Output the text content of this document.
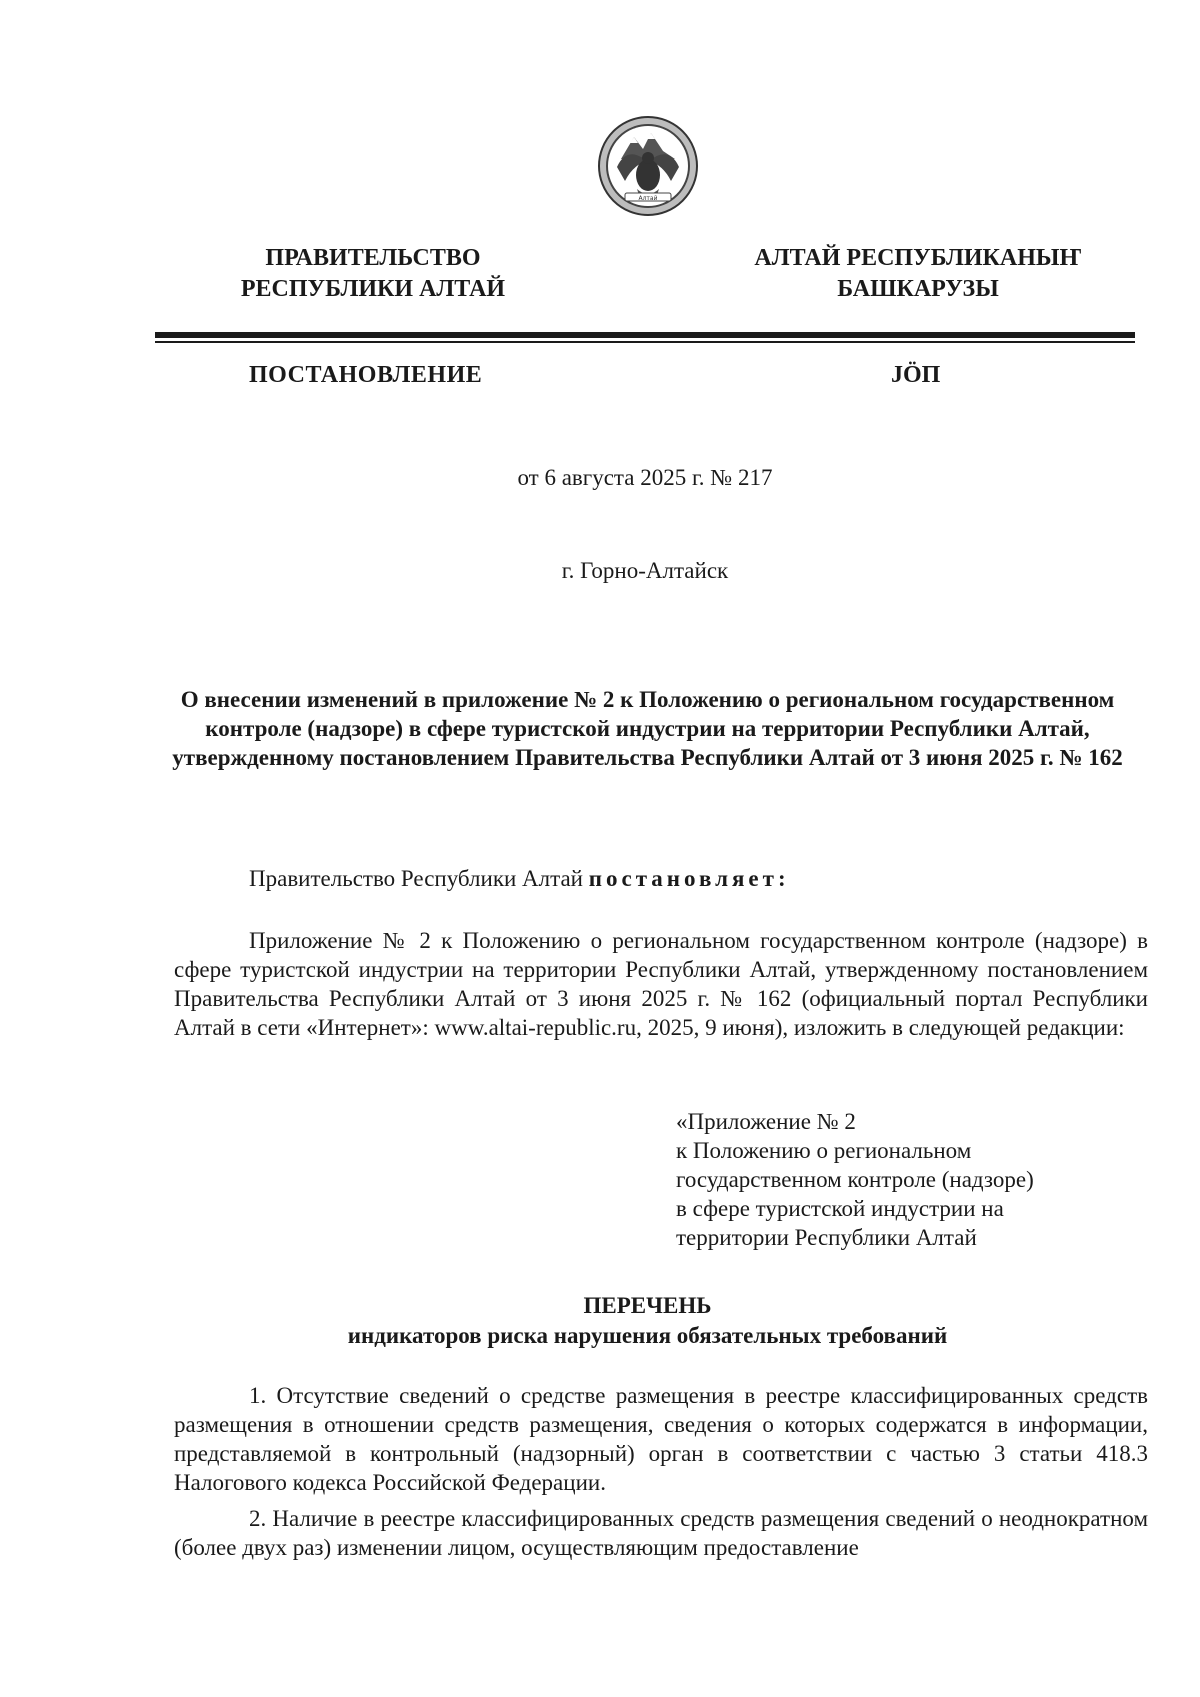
Алтай
ПРАВИТЕЛЬСТВО
РЕСПУБЛИКИ АЛТАЙ
АЛТАЙ РЕСПУБЛИКАНЫҤ
БАШКАРУЗЫ
ПОСТАНОВЛЕНИЕ	JӦП
от 6 августа 2025 г. № 217
г. Горно-Алтайск
О внесении изменений в приложение № 2 к Положению о региональном государственном контроле (надзоре) в сфере туристской индустрии на территории Республики Алтай, утвержденному постановлением Правительства Республики Алтай от 3 июня 2025 г. № 162
Правительство Республики Алтай постановляет:

Приложение № 2 к Положению о региональном государственном контроле (надзоре) в сфере туристской индустрии на территории Республики Алтай, утвержденному постановлением Правительства Республики Алтай от 3 июня 2025 г. № 162 (официальный портал Республики Алтай в сети «Интернет»: www.altai-republic.ru, 2025, 9 июня), изложить в следующей редакции:

«Приложение № 2
к Положению о региональном
государственном контроле (надзоре)
в сфере туристской индустрии на
территории Республики Алтай
ПЕРЕЧЕНЬ
индикаторов риска нарушения обязательных требований

1. Отсутствие сведений о средстве размещения в реестре классифицированных средств размещения в отношении средств размещения, сведения о которых содержатся в информации, представляемой в контрольный (надзорный) орган в соответствии с частью 3 статьи 418.3 Налогового кодекса Российской Федерации.

2. Наличие в реестре классифицированных средств размещения сведений о неоднократном (более двух раз) изменении лицом, осуществляющим предоставление
